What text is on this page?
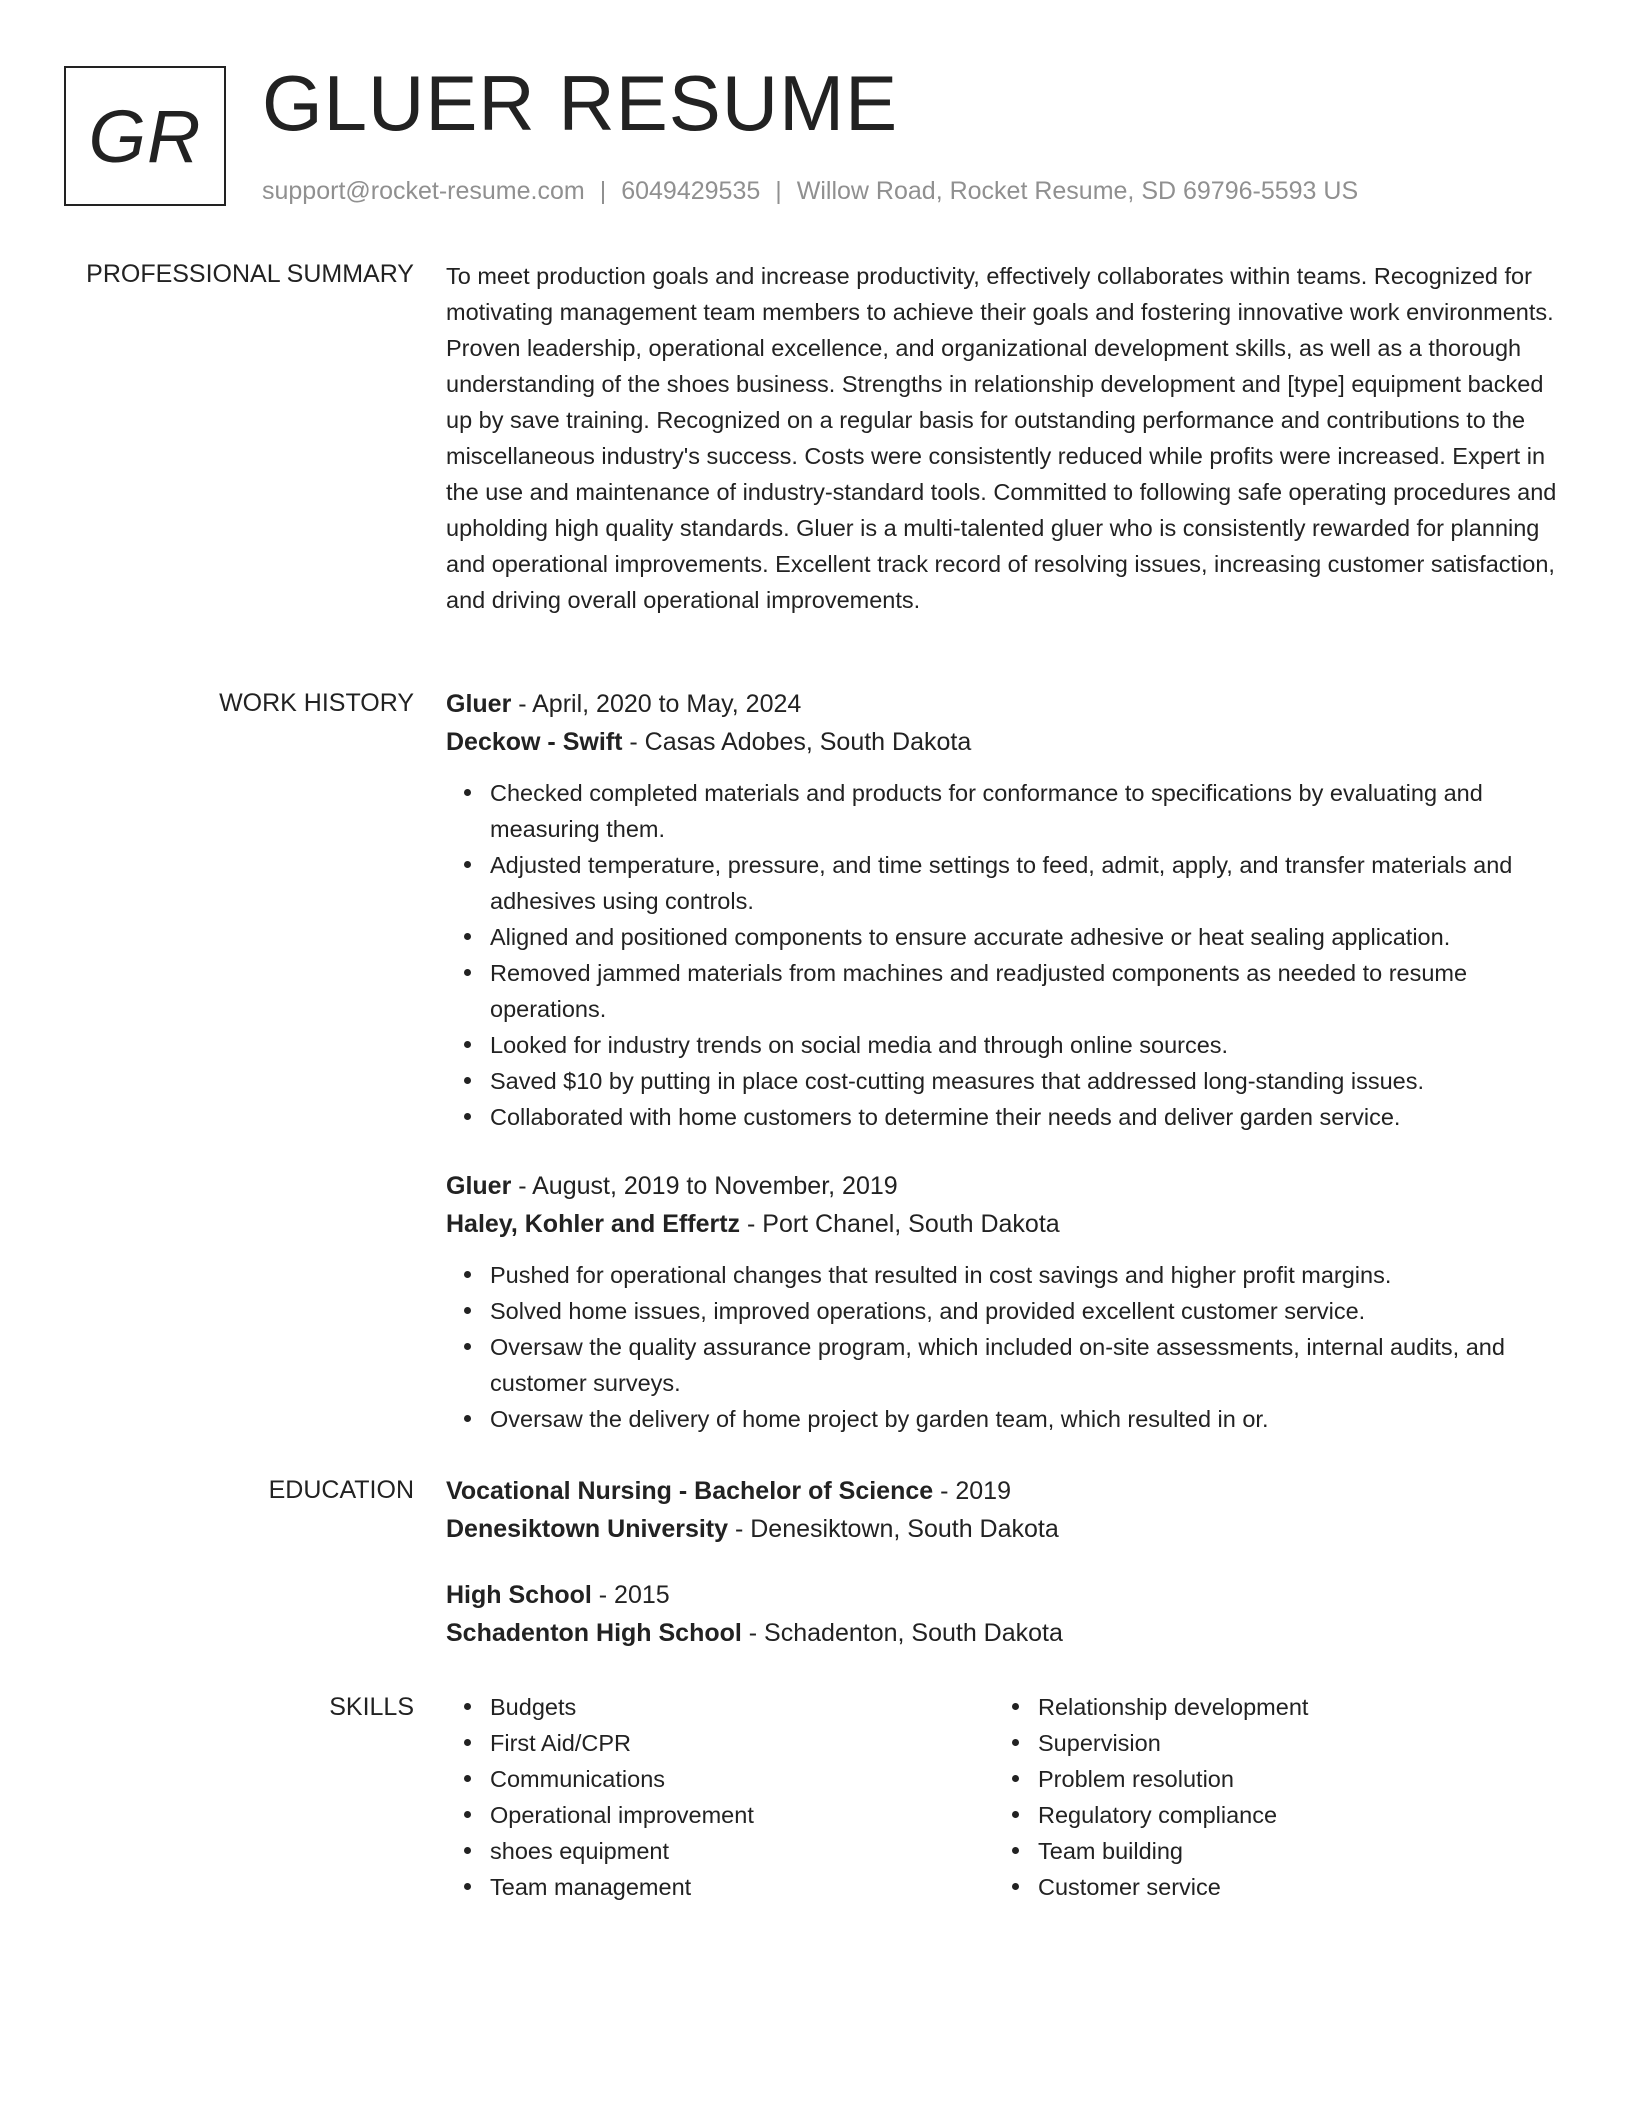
GR GLUER RESUME
support@rocket-resume.com | 6049429535 | Willow Road, Rocket Resume, SD 69796-5593 US
PROFESSIONAL SUMMARY To meet production goals and increase productivity, effectively collaborates within teams. Recognized for motivating management team members to achieve their goals and fostering innovative work environments. Proven leadership, operational excellence, and organizational development skills, as well as a thorough understanding of the shoes business. Strengths in relationship development and [type] equipment backed up by save training. Recognized on a regular basis for outstanding performance and contributions to the miscellaneous industry's success. Costs were consistently reduced while profits were increased. Expert in the use and maintenance of industry-standard tools. Committed to following safe operating procedures and upholding high quality standards. Gluer is a multi-talented gluer who is consistently rewarded for planning and operational improvements. Excellent track record of resolving issues, increasing customer satisfaction, and driving overall operational improvements.

WORK HISTORY Gluer - April, 2020 to May, 2024
Deckow - Swift - Casas Adobes, South Dakota
Checked completed materials and products for conformance to specifications by evaluating and measuring them.
Adjusted temperature, pressure, and time settings to feed, admit, apply, and transfer materials and adhesives using controls.
Aligned and positioned components to ensure accurate adhesive or heat sealing application.
Removed jammed materials from machines and readjusted components as needed to resume operations.
Looked for industry trends on social media and through online sources.
Saved $10 by putting in place cost-cutting measures that addressed long-standing issues.
Collaborated with home customers to determine their needs and deliver garden service.
Gluer - August, 2019 to November, 2019
Haley, Kohler and Effertz - Port Chanel, South Dakota
Pushed for operational changes that resulted in cost savings and higher profit margins.
Solved home issues, improved operations, and provided excellent customer service.
Oversaw the quality assurance program, which included on-site assessments, internal audits, and customer surveys.
Oversaw the delivery of home project by garden team, which resulted in or.
EDUCATION Vocational Nursing - Bachelor of Science - 2019
Denesiktown University - Denesiktown, South Dakota
High School - 2015
Schadenton High School - Schadenton, South Dakota
SKILLS	Budgets
First Aid/CPR
Communications
Operational improvement
shoes equipment
Team management
Relationship development
Supervision
Problem resolution
Regulatory compliance
Team building
Customer service
